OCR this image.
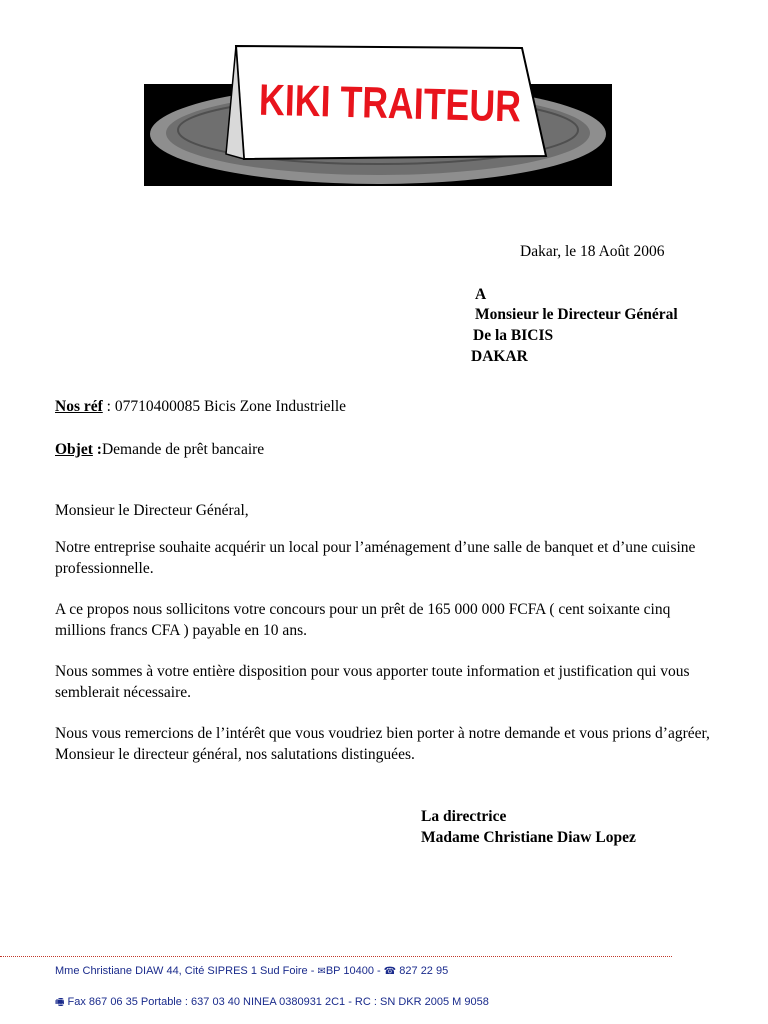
KIKI TRAITEUR
Dakar, le 18 Août 2006
A
Monsieur le Directeur Général
De la BICIS
DAKAR
Nos réf : 07710400085 Bicis Zone Industrielle
Objet :Demande de prêt bancaire
Monsieur le Directeur Général,
Notre entreprise souhaite acquérir un local pour l’aménagement d’une salle de banquet et d’une cuisine professionnelle.
A ce propos nous sollicitons votre concours pour un prêt de 165 000 000 FCFA ( cent soixante cinq millions francs CFA ) payable en 10 ans.
Nous sommes à votre entière disposition pour vous apporter toute information et justification qui vous semblerait nécessaire.
Nous vous remercions de l’intérêt que vous voudriez bien porter à notre demande et vous prions d’agréer, Monsieur le directeur général, nos salutations distinguées.
La directrice
Madame Christiane Diaw Lopez
Mme Christiane DIAW 44, Cité SIPRES 1 Sud Foire - ✉BP 10400 - ☎ 827 22 95
🖷 Fax 867 06 35 Portable : 637 03 40 NINEA 0380931 2C1 - RC : SN DKR 2005 M 9058
